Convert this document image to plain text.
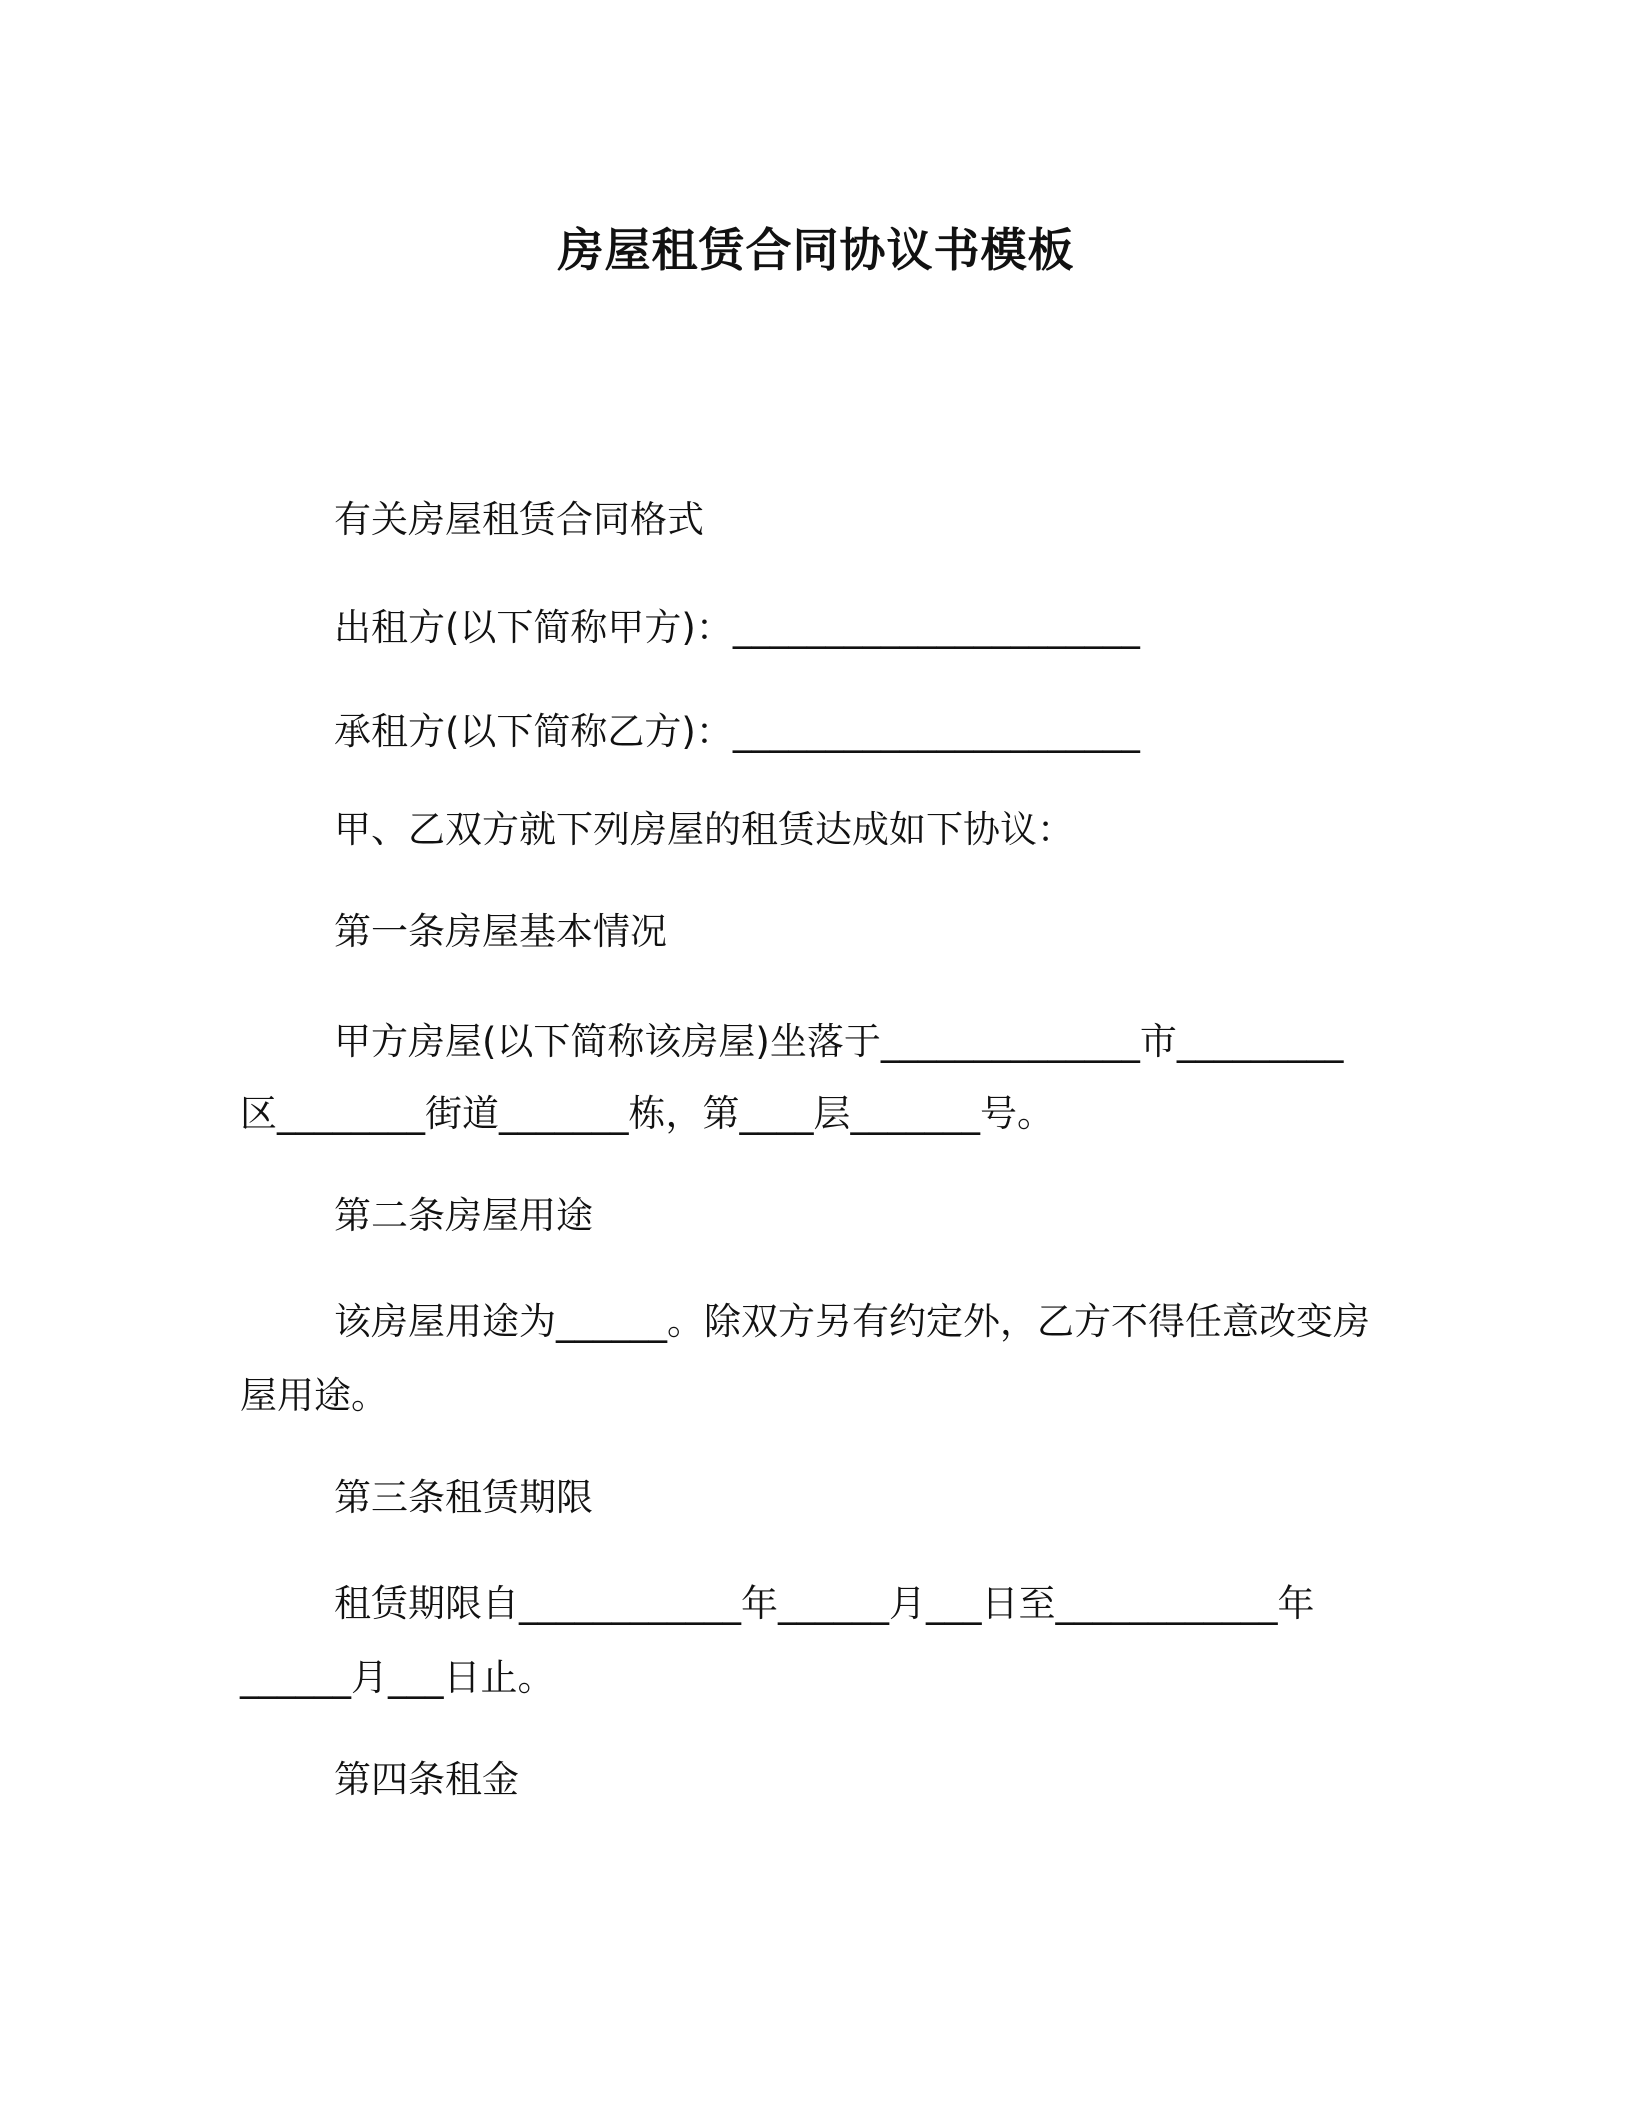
房屋租赁合同协议书模板
有关房屋租赁合同格式
出租方(以下简称甲方)：______________________
承租方(以下简称乙方)：______________________
甲、乙双方就下列房屋的租赁达成如下协议：
第一条房屋基本情况
甲方房屋(以下简称该房屋)坐落于______________市_________
区________街道_______栋，第____层_______号。
第二条房屋用途
该房屋用途为______。除双方另有约定外，乙方不得任意改变房
屋用途。
第三条租赁期限
租赁期限自____________年______月___日至____________年
______月___日止。
第四条租金
